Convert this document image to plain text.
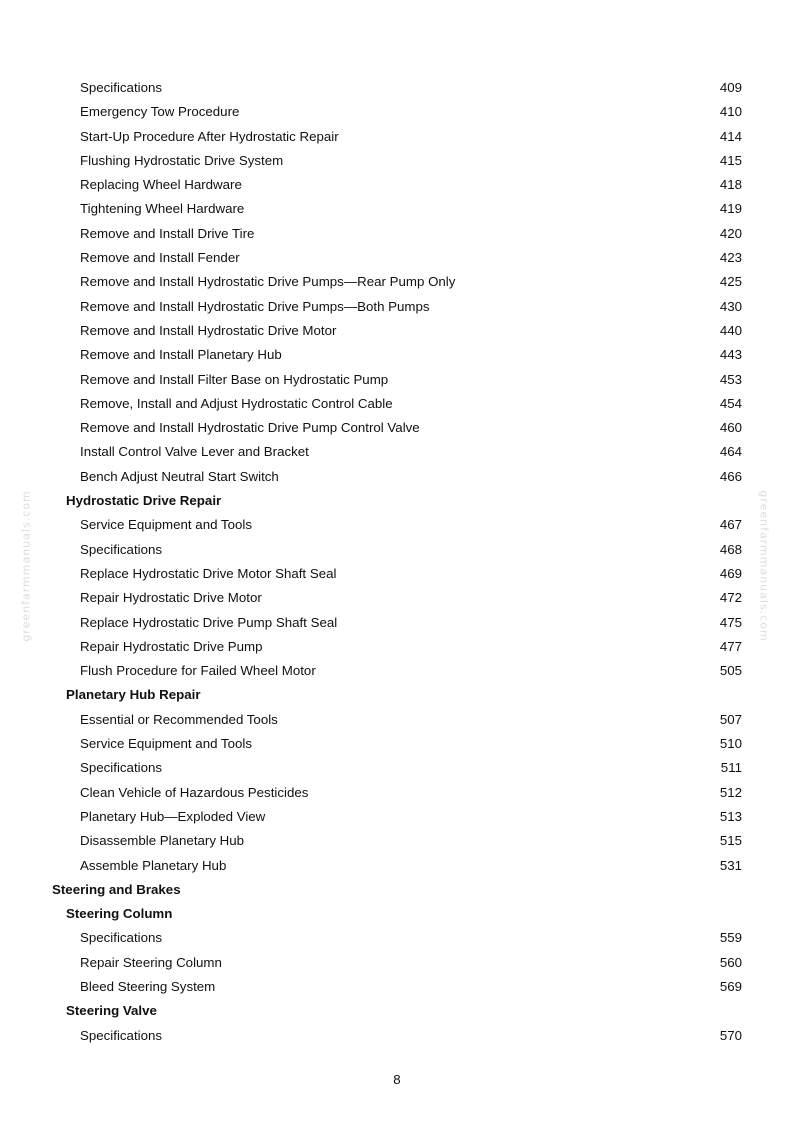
Specifications	409
Emergency Tow Procedure	410
Start-Up Procedure After Hydrostatic Repair	414
Flushing Hydrostatic Drive System	415
Replacing Wheel Hardware	418
Tightening Wheel Hardware	419
Remove and Install Drive Tire	420
Remove and Install Fender	423
Remove and Install Hydrostatic Drive Pumps—Rear Pump Only	425
Remove and Install Hydrostatic Drive Pumps—Both Pumps	430
Remove and Install Hydrostatic Drive Motor	440
Remove and Install Planetary Hub	443
Remove and Install Filter Base on Hydrostatic Pump	453
Remove, Install and Adjust Hydrostatic Control Cable	454
Remove and Install Hydrostatic Drive Pump Control Valve	460
Install Control Valve Lever and Bracket	464
Bench Adjust Neutral Start Switch	466
Hydrostatic Drive Repair
Service Equipment and Tools	467
Specifications	468
Replace Hydrostatic Drive Motor Shaft Seal	469
Repair Hydrostatic Drive Motor	472
Replace Hydrostatic Drive Pump Shaft Seal	475
Repair Hydrostatic Drive Pump	477
Flush Procedure for Failed Wheel Motor	505
Planetary Hub Repair
Essential or Recommended Tools	507
Service Equipment and Tools	510
Specifications	511
Clean Vehicle of Hazardous Pesticides	512
Planetary Hub—Exploded View	513
Disassemble Planetary Hub	515
Assemble Planetary Hub	531
Steering and Brakes
Steering Column
Specifications	559
Repair Steering Column	560
Bleed Steering System	569
Steering Valve
Specifications	570
greenfarmmanuals.com	greenfarmmanuals.com
8
